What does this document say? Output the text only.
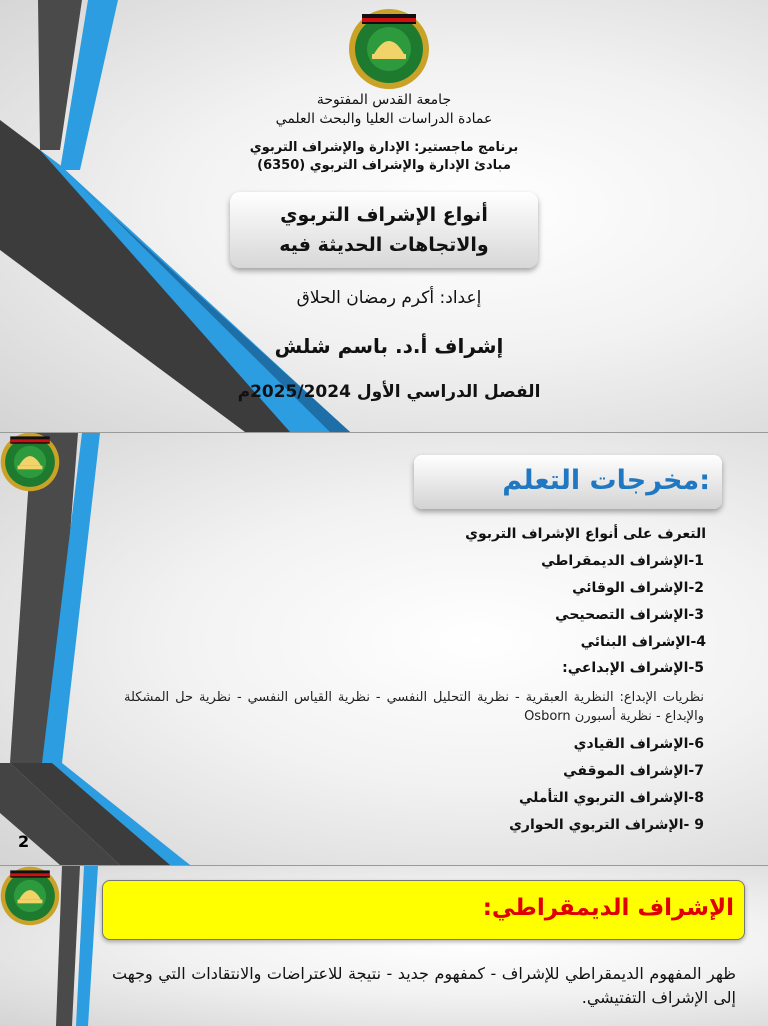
جامعة القدس المفتوحة
عمادة الدراسات العليا والبحث العلمي
برنامج ماجستير: الإدارة والإشراف التربوي
مبادئ الإدارة والإشراف التربوي (6350)
أنواع الإشراف التربوي
والاتجاهات الحديثة فيه
إعداد: أكرم رمضان الحلاق
إشراف أ.د. باسم شلش
الفصل الدراسي الأول 2025/2024م
:مخرجات التعلم
التعرف على أنواع الإشراف التربوي
1-الإشراف الديمقراطي
2-الإشراف الوقائي
3-الإشراف التصحيحي
4-الإشراف البنائي
5-الإشراف الإبداعي:
نظريات الإبداع: النظرية العبقرية - نظرية التحليل النفسي - نظرية القياس النفسي - نظرية حل المشكلة والإبداع - نظرية أسبورن Osborn
6-الإشراف القيادي
7-الإشراف الموقفي
8-الإشراف التربوي التأملي
9 -الإشراف التربوي الحواري
2
الإشراف الديمقراطي:
ظهر المفهوم الديمقراطي للإشراف - كمفهوم جديد - نتيجة للاعتراضات والانتقادات التي وجهت إلى الإشراف التفتيشي.
